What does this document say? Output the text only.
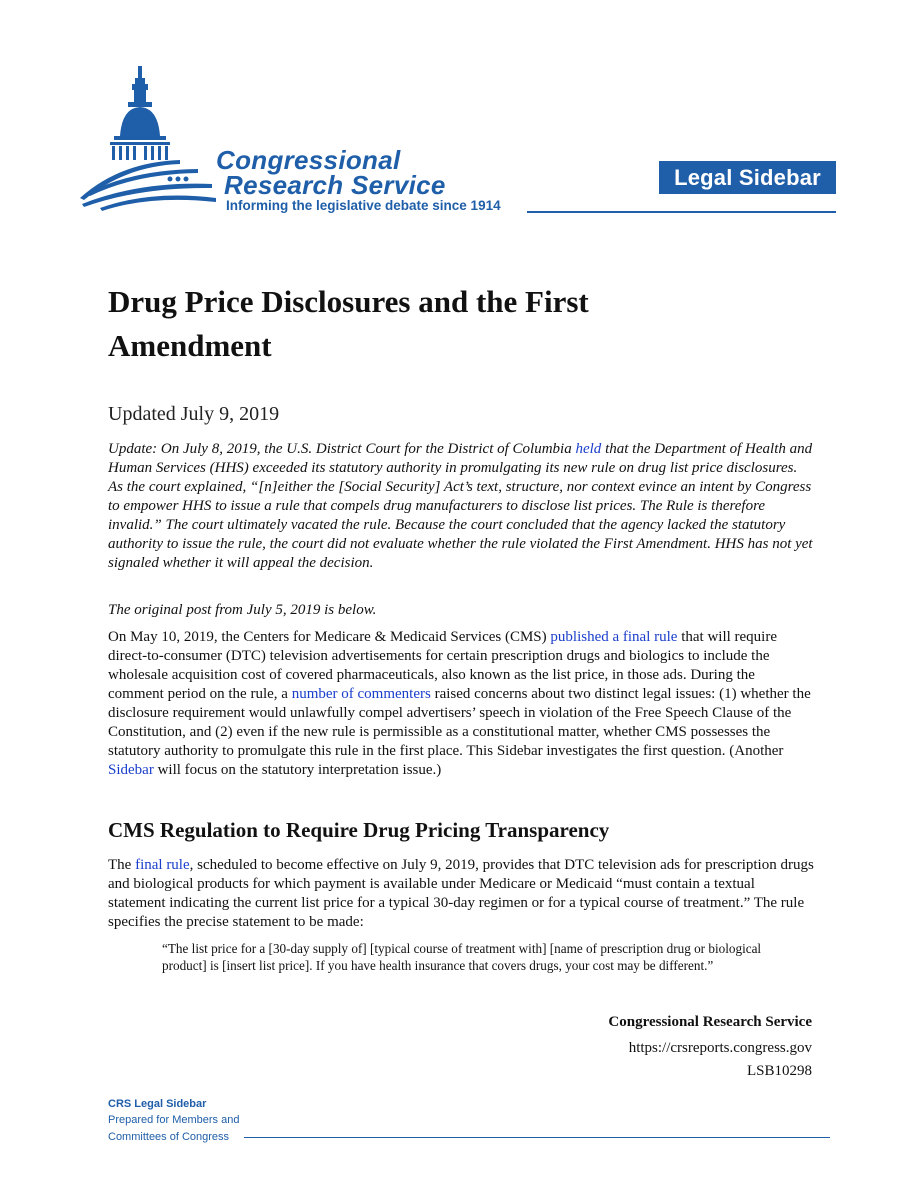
Congressional
Research Service
Informing the legislative debate since 1914
Legal Sidebar
Drug Price Disclosures and the First Amendment
Updated July 9, 2019

Update: On July 8, 2019, the U.S. District Court for the District of Columbia held that the Department of Health and Human Services (HHS) exceeded its statutory authority in promulgating its new rule on drug list price disclosures. As the court explained, “[n]either the [Social Security] Act’s text, structure, nor context evince an intent by Congress to empower HHS to issue a rule that compels drug manufacturers to disclose list prices. The Rule is therefore invalid.” The court ultimately vacated the rule. Because the court concluded that the agency lacked the statutory authority to issue the rule, the court did not evaluate whether the rule violated the First Amendment. HHS has not yet signaled whether it will appeal the decision.

The original post from July 5, 2019 is below.

On May 10, 2019, the Centers for Medicare & Medicaid Services (CMS) published a final rule that will require direct-to-consumer (DTC) television advertisements for certain prescription drugs and biologics to include the wholesale acquisition cost of covered pharmaceuticals, also known as the list price, in those ads. During the comment period on the rule, a number of commenters raised concerns about two distinct legal issues: (1) whether the disclosure requirement would unlawfully compel advertisers’ speech in violation of the Free Speech Clause of the Constitution, and (2) even if the new rule is permissible as a constitutional matter, whether CMS possesses the statutory authority to promulgate this rule in the first place. This Sidebar investigates the first question. (Another Sidebar will focus on the statutory interpretation issue.)

CMS Regulation to Require Drug Pricing Transparency

The final rule, scheduled to become effective on July 9, 2019, provides that DTC television ads for prescription drugs and biological products for which payment is available under Medicare or Medicaid “must contain a textual statement indicating the current list price for a typical 30-day regimen or for a typical course of treatment.” The rule specifies the precise statement to be made:

“The list price for a [30-day supply of] [typical course of treatment with] [name of prescription drug or biological product] is [insert list price]. If you have health insurance that covers drugs, your cost may be different.”

Congressional Research Service
https://crsreports.congress.gov
LSB10298
CRS Legal Sidebar
Prepared for Members and
Committees of Congress
